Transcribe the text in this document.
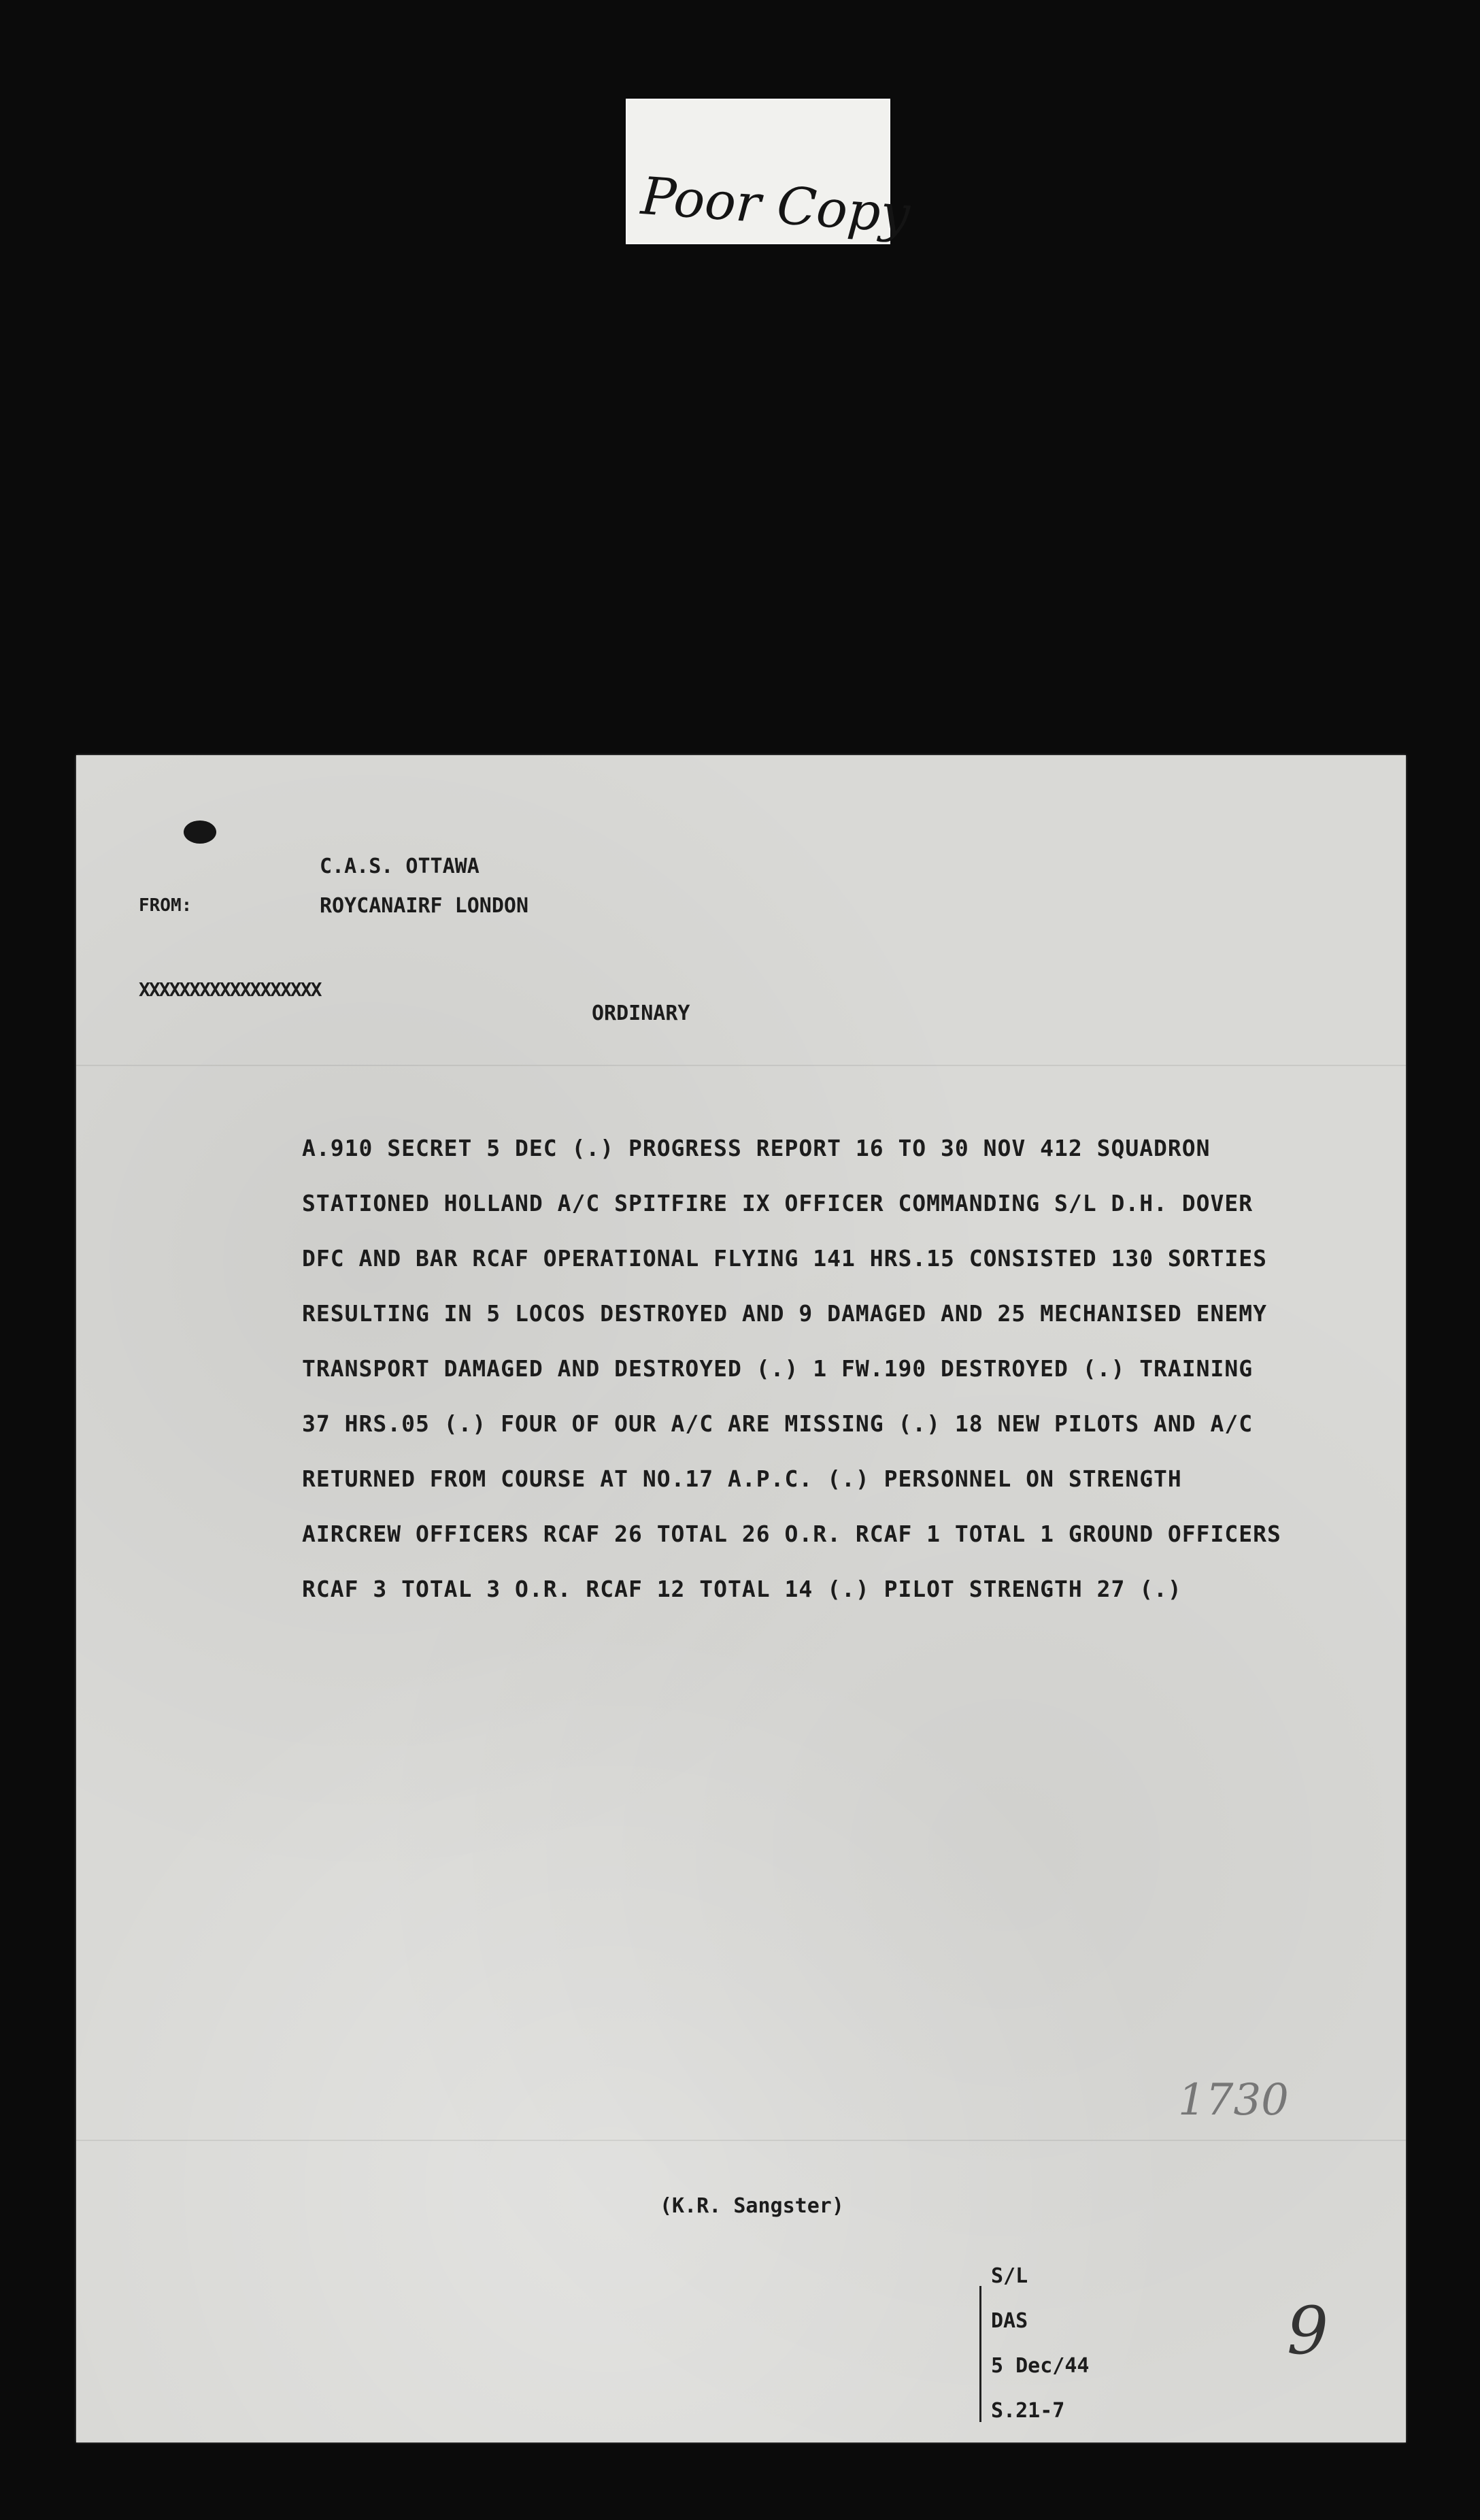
Poor Copy
C.A.S. OTTAWA
FROM:	ROYCANAIRF LONDON
XXXXXXXXXXXXXXXXXX
ORDINARY
A.910 SECRET 5 DEC (.) PROGRESS REPORT 16 TO 30 NOV 412 SQUADRON
STATIONED HOLLAND A/C SPITFIRE IX OFFICER COMMANDING S/L D.H. DOVER
DFC AND BAR RCAF OPERATIONAL FLYING 141 HRS.15 CONSISTED 130 SORTIES
RESULTING IN 5 LOCOS DESTROYED AND 9 DAMAGED AND 25 MECHANISED ENEMY
TRANSPORT DAMAGED AND DESTROYED (.) 1 FW.190 DESTROYED (.) TRAINING
37 HRS.05 (.) FOUR OF OUR A/C ARE MISSING (.) 18 NEW PILOTS AND A/C
RETURNED FROM COURSE AT NO.17 A.P.C. (.) PERSONNEL ON STRENGTH
AIRCREW OFFICERS RCAF 26 TOTAL 26 O.R. RCAF 1 TOTAL 1 GROUND OFFICERS
RCAF 3 TOTAL 3 O.R. RCAF 12 TOTAL 14 (.) PILOT STRENGTH 27 (.)
1730
(K.R. Sangster)
S/L
DAS
5 Dec/44
S.21-7
9
